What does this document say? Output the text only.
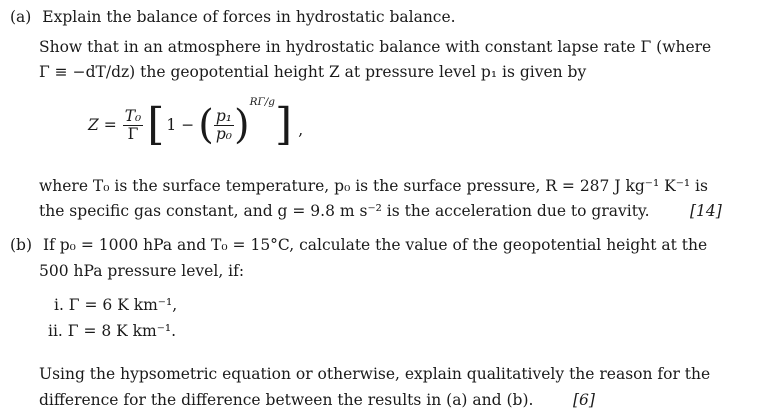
(a) Explain the balance of forces in hydrostatic balance.
Show that in an atmosphere in hydrostatic balance with constant lapse rate Γ (where
Γ ≡ −dT/dz) the geopotential height Z at pressure level p₁ is given by
$Z = \frac{\text{T₀}}{\Gamma}$ [ 1 − ( $\frac{\text{p₁}}{\text{p₀}}$ ) RΓ/g ] ,
where T₀ is the surface temperature, p₀ is the surface pressure, R = 287 J kg⁻¹ K⁻¹ is
the specific gas constant, and g = 9.8 m s⁻² is the acceleration due to gravity.	[14]
(b) If p₀ = 1000 hPa and T₀ = 15°C, calculate the value of the geopotential height at the
500 hPa pressure level, if:
i. Γ = 6 K km⁻¹,
ii. Γ = 8 K km⁻¹.
Using the hypsometric equation or otherwise, explain qualitatively the reason for the
difference for the difference between the results in (a) and (b).	[6]
